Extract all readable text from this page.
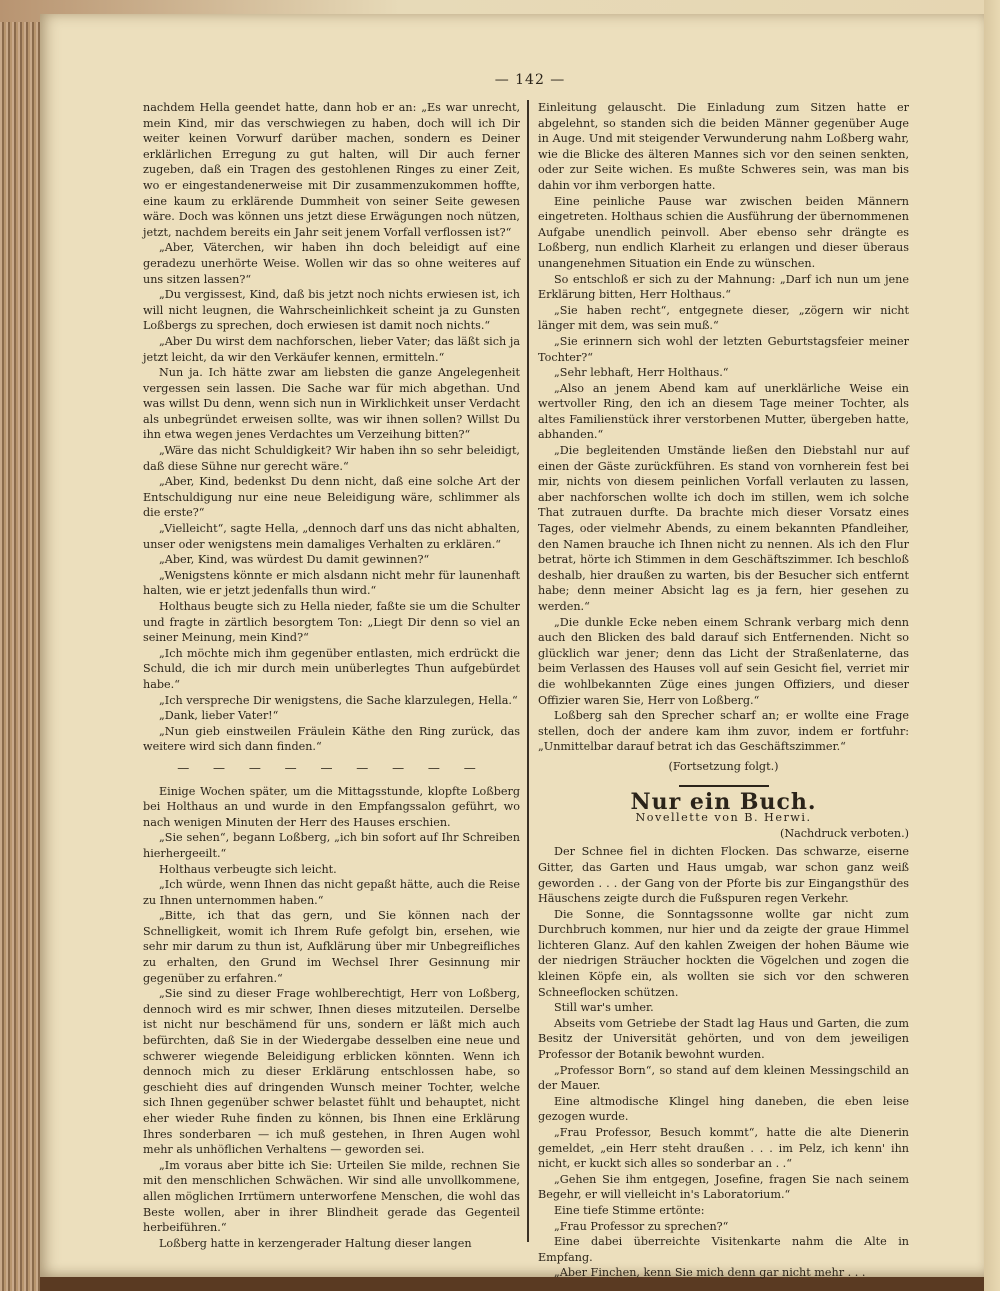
— 142 —

nachdem Hella geendet hatte, dann hob er an: „Es war unrecht, mein Kind, mir das verschwiegen zu haben, doch will ich Dir weiter keinen Vorwurf darüber machen, sondern es Deiner erklärlichen Erregung zu gut halten, will Dir auch ferner zugeben, daß ein Tragen des gestohlenen Ringes zu einer Zeit, wo er eingestandenerweise mit Dir zusammenzukommen hoffte, eine kaum zu erklärende Dummheit von seiner Seite gewesen wäre. Doch was können uns jetzt diese Erwägungen noch nützen, jetzt, nachdem bereits ein Jahr seit jenem Vorfall verflossen ist?“

„Aber, Väterchen, wir haben ihn doch beleidigt auf eine geradezu unerhörte Weise. Wollen wir das so ohne weiteres auf uns sitzen lassen?“

„Du vergissest, Kind, daß bis jetzt noch nichts erwiesen ist, ich will nicht leugnen, die Wahrscheinlichkeit scheint ja zu Gunsten Loßbergs zu sprechen, doch erwiesen ist damit noch nichts.“

„Aber Du wirst dem nachforschen, lieber Vater; das läßt sich ja jetzt leicht, da wir den Verkäufer kennen, ermitteln.“

Nun ja. Ich hätte zwar am liebsten die ganze Angelegenheit vergessen sein lassen. Die Sache war für mich abgethan. Und was willst Du denn, wenn sich nun in Wirklichkeit unser Verdacht als unbegründet erweisen sollte, was wir ihnen sollen? Willst Du ihn etwa wegen jenes Verdachtes um Verzeihung bitten?“

„Wäre das nicht Schuldigkeit? Wir haben ihn so sehr beleidigt, daß diese Sühne nur gerecht wäre.“

„Aber, Kind, bedenkst Du denn nicht, daß eine solche Art der Entschuldigung nur eine neue Beleidigung wäre, schlimmer als die erste?“

„Vielleicht“, sagte Hella, „dennoch darf uns das nicht abhalten, unser oder wenigstens mein damaliges Verhalten zu erklären.“

„Aber, Kind, was würdest Du damit gewinnen?“

„Wenigstens könnte er mich alsdann nicht mehr für launenhaft halten, wie er jetzt jedenfalls thun wird.“

Holthaus beugte sich zu Hella nieder, faßte sie um die Schulter und fragte in zärtlich besorgtem Ton: „Liegt Dir denn so viel an seiner Meinung, mein Kind?“

„Ich möchte mich ihm gegenüber entlasten, mich erdrückt die Schuld, die ich mir durch mein unüberlegtes Thun aufgebürdet habe.“

„Ich verspreche Dir wenigstens, die Sache klarzulegen, Hella.“

„Dank, lieber Vater!“

„Nun gieb einstweilen Fräulein Käthe den Ring zurück, das weitere wird sich dann finden.“

— — — — — — — — —

Einige Wochen später, um die Mittagsstunde, klopfte Loßberg bei Holthaus an und wurde in den Empfangssalon geführt, wo nach wenigen Minuten der Herr des Hauses erschien.

„Sie sehen“, begann Loßberg, „ich bin sofort auf Ihr Schreiben hierhergeeilt.“

Holthaus verbeugte sich leicht.

„Ich würde, wenn Ihnen das nicht gepaßt hätte, auch die Reise zu Ihnen unternommen haben.“

„Bitte, ich that das gern, und Sie können nach der Schnelligkeit, womit ich Ihrem Rufe gefolgt bin, ersehen, wie sehr mir darum zu thun ist, Aufklärung über mir Unbegreifliches zu erhalten, den Grund im Wechsel Ihrer Gesinnung mir gegenüber zu erfahren.“

„Sie sind zu dieser Frage wohlberechtigt, Herr von Loßberg, dennoch wird es mir schwer, Ihnen dieses mitzuteilen. Derselbe ist nicht nur beschämend für uns, sondern er läßt mich auch befürchten, daß Sie in der Wiedergabe desselben eine neue und schwerer wiegende Beleidigung erblicken könnten. Wenn ich dennoch mich zu dieser Erklärung entschlossen habe, so geschieht dies auf dringenden Wunsch meiner Tochter, welche sich Ihnen gegenüber schwer belastet fühlt und behauptet, nicht eher wieder Ruhe finden zu können, bis Ihnen eine Erklärung Ihres sonderbaren — ich muß gestehen, in Ihren Augen wohl mehr als unhöflichen Verhaltens — geworden sei.

„Im voraus aber bitte ich Sie: Urteilen Sie milde, rechnen Sie mit den menschlichen Schwächen. Wir sind alle unvollkommene, allen möglichen Irrtümern unterworfene Menschen, die wohl das Beste wollen, aber in ihrer Blindheit gerade das Gegenteil herbeiführen.“

Loßberg hatte in kerzengerader Haltung dieser langen

Einleitung gelauscht. Die Einladung zum Sitzen hatte er abgelehnt, so standen sich die beiden Männer gegenüber Auge in Auge. Und mit steigender Verwunderung nahm Loßberg wahr, wie die Blicke des älteren Mannes sich vor den seinen senkten, oder zur Seite wichen. Es mußte Schweres sein, was man bis dahin vor ihm verborgen hatte.

Eine peinliche Pause war zwischen beiden Männern eingetreten. Holthaus schien die Ausführung der übernommenen Aufgabe unendlich peinvoll. Aber ebenso sehr drängte es Loßberg, nun endlich Klarheit zu erlangen und dieser überaus unangenehmen Situation ein Ende zu wünschen.

So entschloß er sich zu der Mahnung: „Darf ich nun um jene Erklärung bitten, Herr Holthaus.“

„Sie haben recht“, entgegnete dieser, „zögern wir nicht länger mit dem, was sein muß.“

„Sie erinnern sich wohl der letzten Geburtstagsfeier meiner Tochter?“

„Sehr lebhaft, Herr Holthaus.“

„Also an jenem Abend kam auf unerklärliche Weise ein wertvoller Ring, den ich an diesem Tage meiner Tochter, als altes Familienstück ihrer verstorbenen Mutter, übergeben hatte, abhanden.“

„Die begleitenden Umstände ließen den Diebstahl nur auf einen der Gäste zurückführen. Es stand von vornherein fest bei mir, nichts von diesem peinlichen Vorfall verlauten zu lassen, aber nachforschen wollte ich doch im stillen, wem ich solche That zutrauen durfte. Da brachte mich dieser Vorsatz eines Tages, oder vielmehr Abends, zu einem bekannten Pfandleiher, den Namen brauche ich Ihnen nicht zu nennen. Als ich den Flur betrat, hörte ich Stimmen in dem Geschäftszimmer. Ich beschloß deshalb, hier draußen zu warten, bis der Besucher sich entfernt habe; denn meiner Absicht lag es ja fern, hier gesehen zu werden.“

„Die dunkle Ecke neben einem Schrank verbarg mich denn auch den Blicken des bald darauf sich Entfernenden. Nicht so glücklich war jener; denn das Licht der Straßenlaterne, das beim Verlassen des Hauses voll auf sein Gesicht fiel, verriet mir die wohlbekannten Züge eines jungen Offiziers, und dieser Offizier waren Sie, Herr von Loßberg.“

Loßberg sah den Sprecher scharf an; er wollte eine Frage stellen, doch der andere kam ihm zuvor, indem er fortfuhr: „Unmittelbar darauf betrat ich das Geschäftszimmer.“

(Fortsetzung folgt.)

Nur ein Buch.

Novellette von B. Herwi.

(Nachdruck verboten.)

Der Schnee fiel in dichten Flocken. Das schwarze, eiserne Gitter, das Garten und Haus umgab, war schon ganz weiß geworden . . . der Gang von der Pforte bis zur Eingangsthür des Häuschens zeigte durch die Fußspuren regen Verkehr.

Die Sonne, die Sonntagssonne wollte gar nicht zum Durchbruch kommen, nur hier und da zeigte der graue Himmel lichteren Glanz. Auf den kahlen Zweigen der hohen Bäume wie der niedrigen Sträucher hockten die Vögelchen und zogen die kleinen Köpfe ein, als wollten sie sich vor den schweren Schneeflocken schützen.

Still war's umher.

Abseits vom Getriebe der Stadt lag Haus und Garten, die zum Besitz der Universität gehörten, und von dem jeweiligen Professor der Botanik bewohnt wurden.

„Professor Born“, so stand auf dem kleinen Messingschild an der Mauer.

Eine altmodische Klingel hing daneben, die eben leise gezogen wurde.

„Frau Professor, Besuch kommt“, hatte die alte Dienerin gemeldet, „ein Herr steht draußen . . . im Pelz, ich kenn' ihn nicht, er kuckt sich alles so sonderbar an . .“

„Gehen Sie ihm entgegen, Josefine, fragen Sie nach seinem Begehr, er will vielleicht in's Laboratorium.“

Eine tiefe Stimme ertönte:

„Frau Professor zu sprechen?“

Eine dabei überreichte Visitenkarte nahm die Alte in Empfang.

„Aber Finchen, kenn Sie mich denn gar nicht mehr . . .
